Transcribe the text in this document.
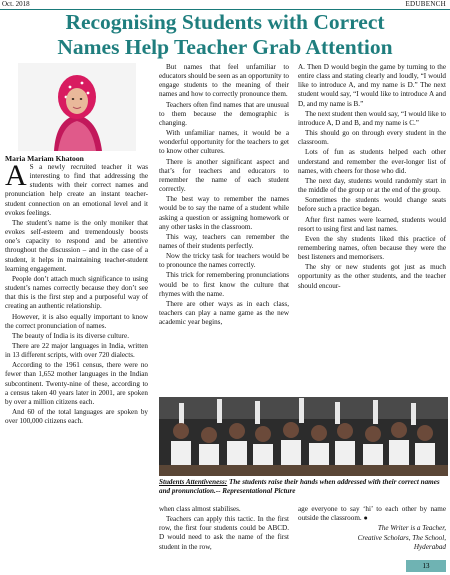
Oct. 2018	EDUBENCH
Recognising Students with Correct
Names Help Teacher Grab Attention
Maria Mariam Khatoon

A S a newly recruited teacher it was interesting to find that addressing the students with their correct names and pronunciation help create an instant teacher-student connection on an emotional level and it evokes feelings.

The student’s name is the only moniker that evokes self-esteem and tremendously boosts one’s capacity to respond and be attentive throughout the discussion – and in the case of a student, it helps in maintaining teacher-student learning engagement.

People don’t attach much significance to using student’s names correctly because they don’t see that this is the first step and a purposeful way of creating an authentic relationship.

However, it is also equally important to know the correct pronunciation of names.

The beauty of India is its diverse culture.

There are 22 major languages in India, written in 13 different scripts, with over 720 dialects.

According to the 1961 census, there were no fewer than 1,652 mother languages in the Indian subcontinent. Twenty-nine of these, according to a census taken 40 years later in 2001, are spoken by over a million citizens each.

And 60 of the total languages are spoken by over 100,000 citizens each.

But names that feel unfamiliar to educators should be seen as an opportunity to engage students to the meaning of their names and how to correctly pronounce them.

Teachers often find names that are unusual to them because the demographic is changing.

With unfamiliar names, it would be a wonderful opportunity for the teachers to get to know other cultures.

There is another significant aspect and that’s for teachers and educators to remember the name of each student correctly.

The best way to remember the names would be to say the name of a student while asking a question or assigning homework or any other tasks in the classroom.

This way, teachers can remember the names of their students perfectly.

Now the tricky task for teachers would be to pronounce the names correctly.

This trick for remembering pronunciations would be to first know the culture that rhymes with the name.

There are other ways as in each class, teachers can play a name game as the new academic year begins,

A. Then D would begin the game by turning to the entire class and stating clearly and loudly, “I would like to introduce A, and my name is D.” The next student would say, “I would like to introduce A and D, and my name is B.”

The next student then would say, “I would like to introduce A, D and B, and my name is C.”

This should go on through every student in the classroom.

Lots of fun as students helped each other understand and remember the ever-longer list of names, with cheers for those who did.

The next day, students would randomly start in the middle of the group or at the end of the group.

Sometimes the students would change seats before such a practice began.

After first names were learned, students would resort to using first and last names.

Even the shy students liked this practice of remembering names, often because they were the best listeners and memorisers.

The shy or new students got just as much opportunity as the other students, and the teacher should encour-

Students Attentiveness: The students raise their hands when addressed with their correct names and pronunciation.-- Representational Picture

when class almost stabilises.

Teachers can apply this tactic. In the first row, the first four students could be ABCD. D would need to ask the name of the first student in the row,

age everyone to say ‘hi’ to each other by name outside the classroom. ●

The Writer is a Teacher,
Creative Scholars, The School,
Hyderabad
13
